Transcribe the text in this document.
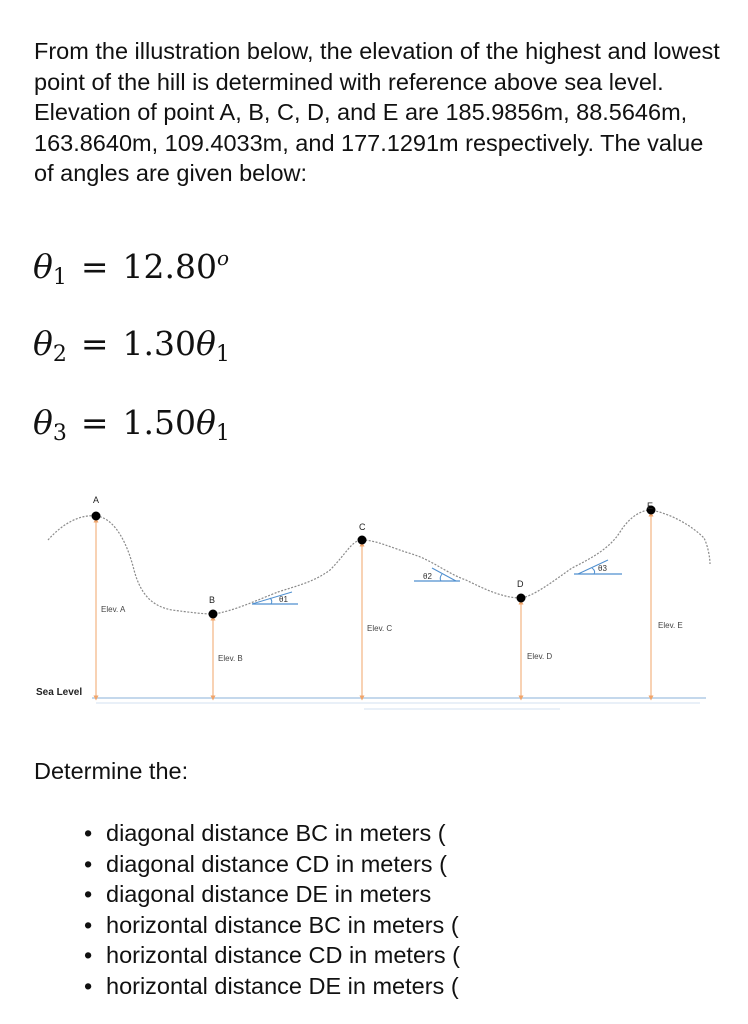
From the illustration below, the elevation of the highest and lowest point of the hill is determined with reference above sea level. Elevation of point A, B, C, D, and E are 185.9856m, 88.5646m, 163.8640m, 109.4033m, and 177.1291m respectively. The value of angles are given below:
$\theta_1 = 12.80^o$
$\theta_2 = 1.30\theta_1$
$\theta_3 = 1.50\theta_1$
A
B
C
D
E
Elev. A
Elev. B
Elev. C
Elev. D
Elev. E
θ1
θ2
θ3
Sea Level
Determine the:
• diagonal distance BC in meters (
• diagonal distance CD in meters (
• diagonal distance DE in meters
• horizontal distance BC in meters (
• horizontal distance CD in meters (
• horizontal distance DE in meters (
